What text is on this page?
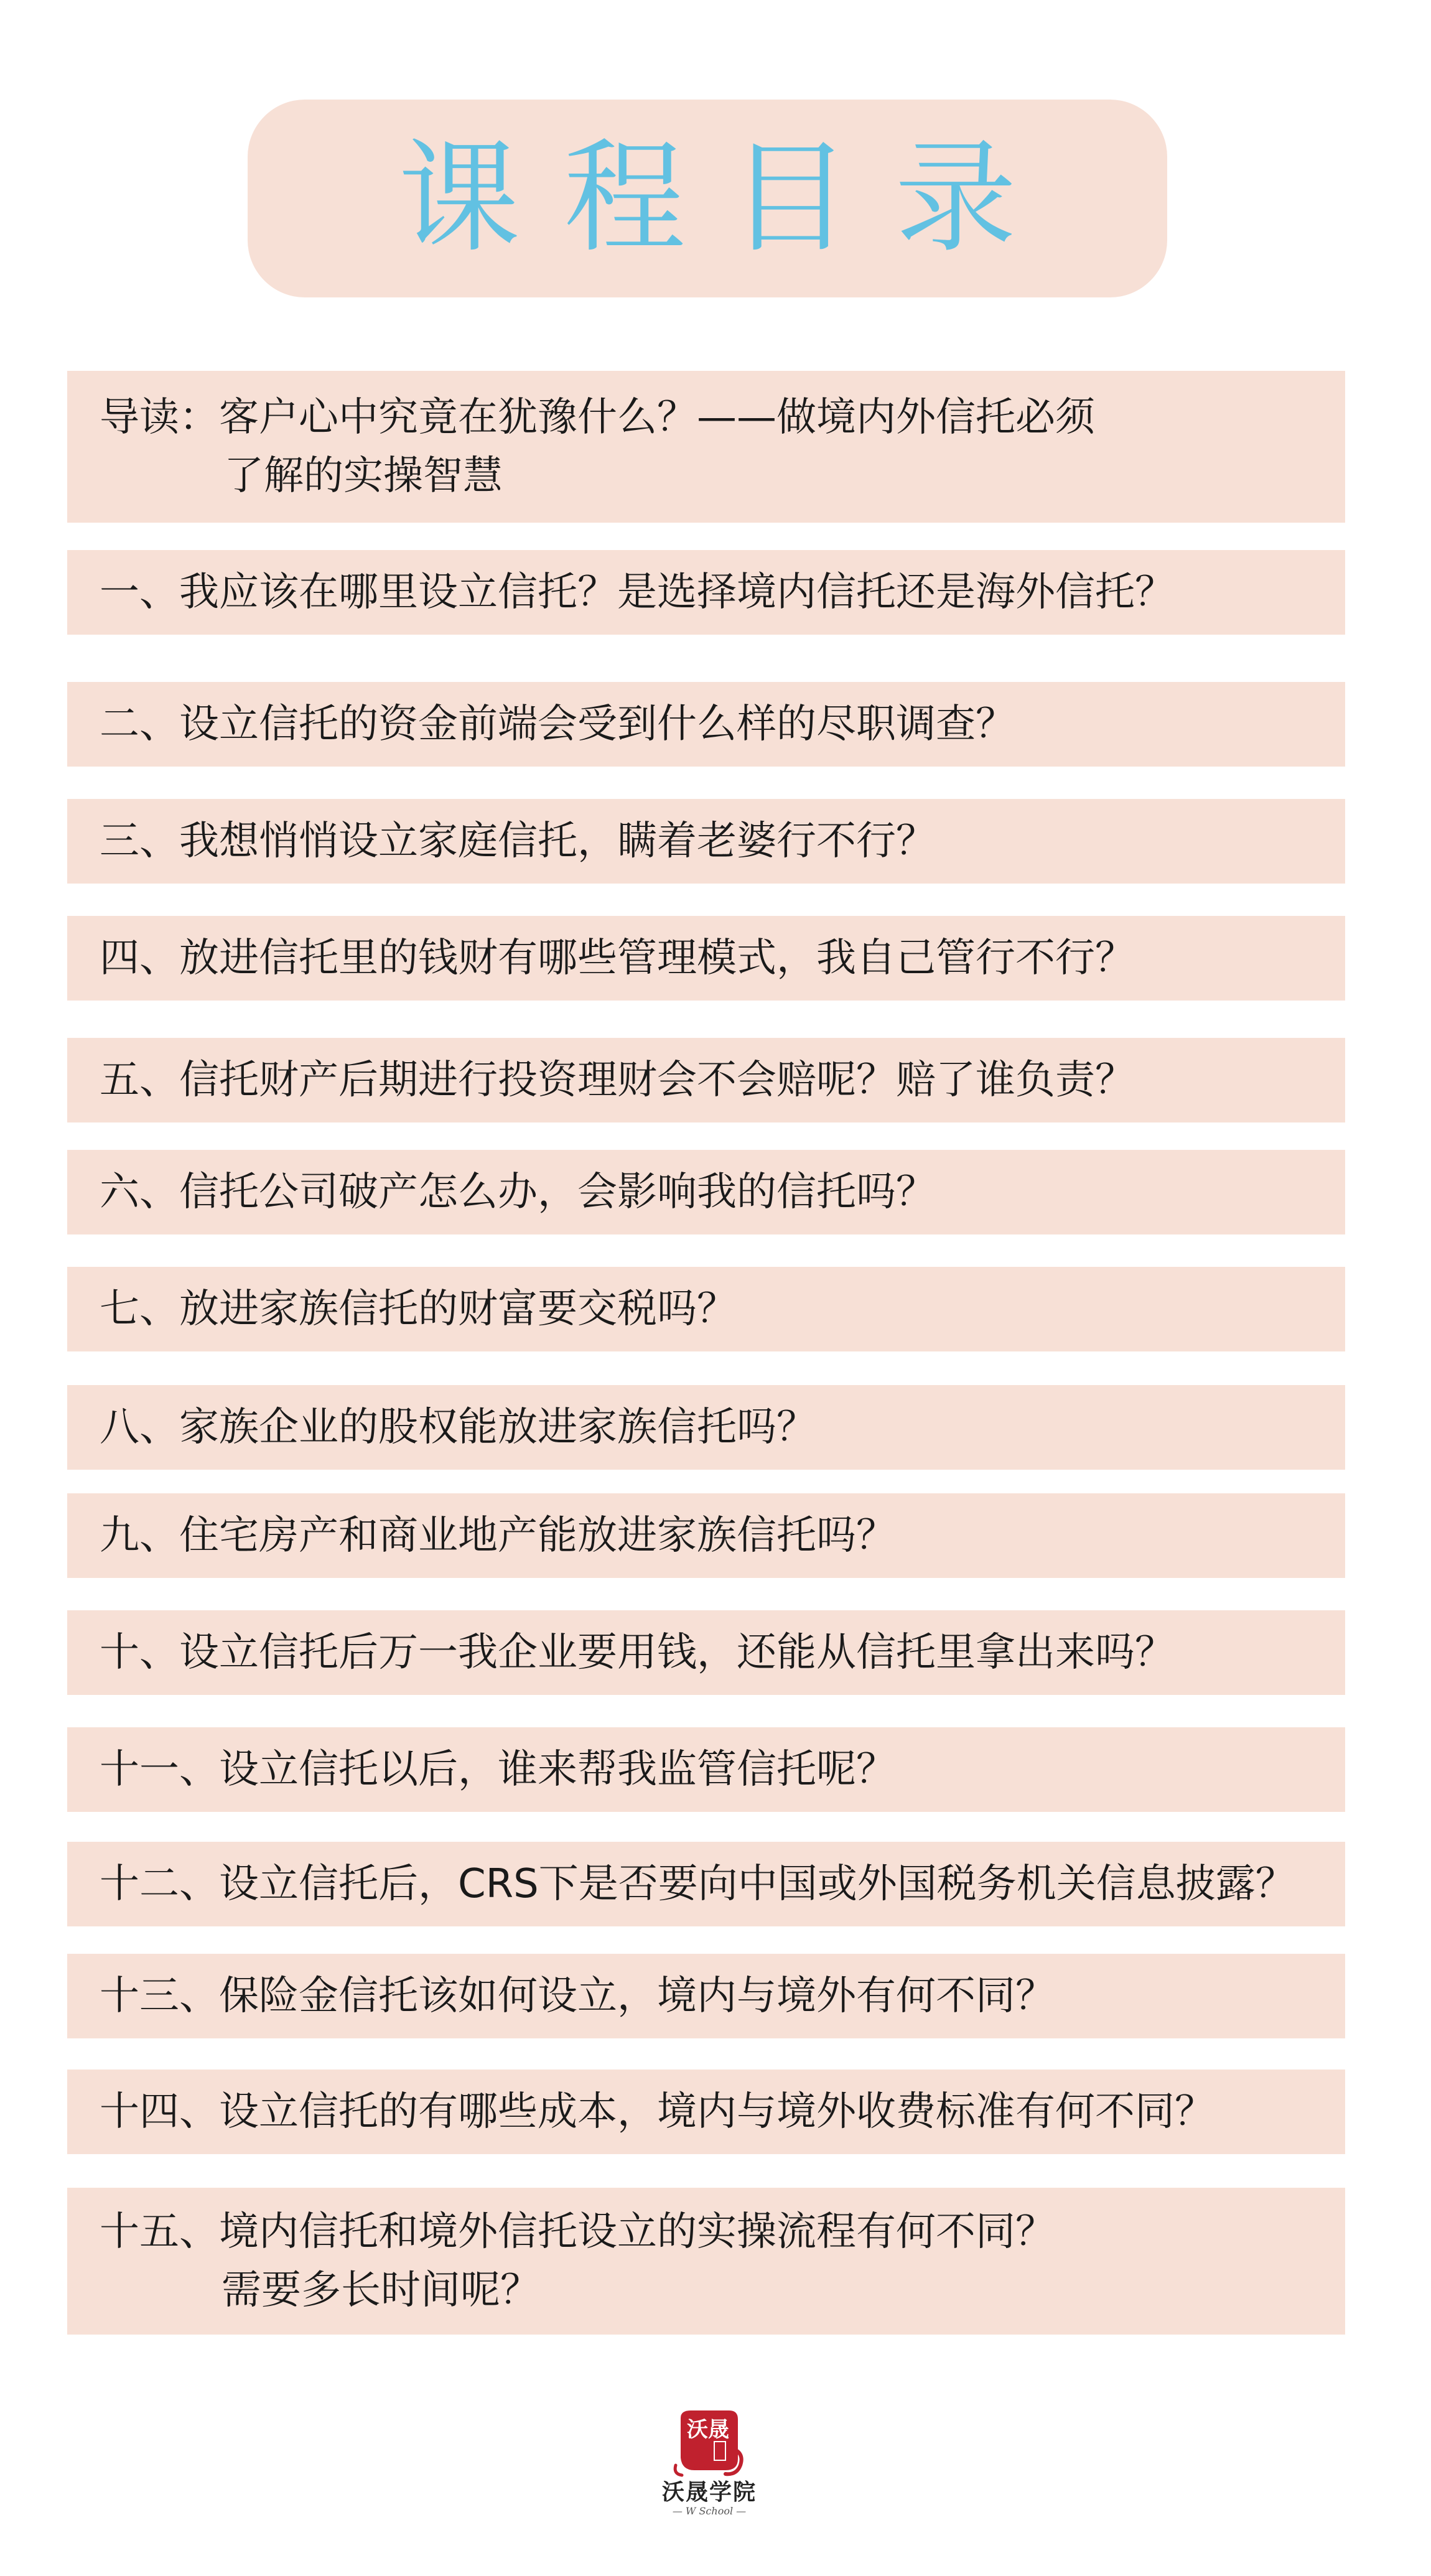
课程目录
导读：客户心中究竟在犹豫什么？——做境内外信托必须
了解的实操智慧
一、我应该在哪里设立信托？是选择境内信托还是海外信托？
二、设立信托的资金前端会受到什么样的尽职调查？
三、我想悄悄设立家庭信托，瞒着老婆行不行？
四、放进信托里的钱财有哪些管理模式，我自己管行不行？
五、信托财产后期进行投资理财会不会赔呢？赔了谁负责？
六、信托公司破产怎么办，会影响我的信托吗？
七、放进家族信托的财富要交税吗？
八、家族企业的股权能放进家族信托吗？
九、住宅房产和商业地产能放进家族信托吗？
十、设立信托后万一我企业要用钱，还能从信托里拿出来吗？
十一、设立信托以后，谁来帮我监管信托呢？
十二、设立信托后，CRS下是否要向中国或外国税务机关信息披露？
十三、保险金信托该如何设立，境内与境外有何不同？
十四、设立信托的有哪些成本，境内与境外收费标准有何不同？
十五、境内信托和境外信托设立的实操流程有何不同？
需要多长时间呢？
沃晟
沃晟学院
— W School —
